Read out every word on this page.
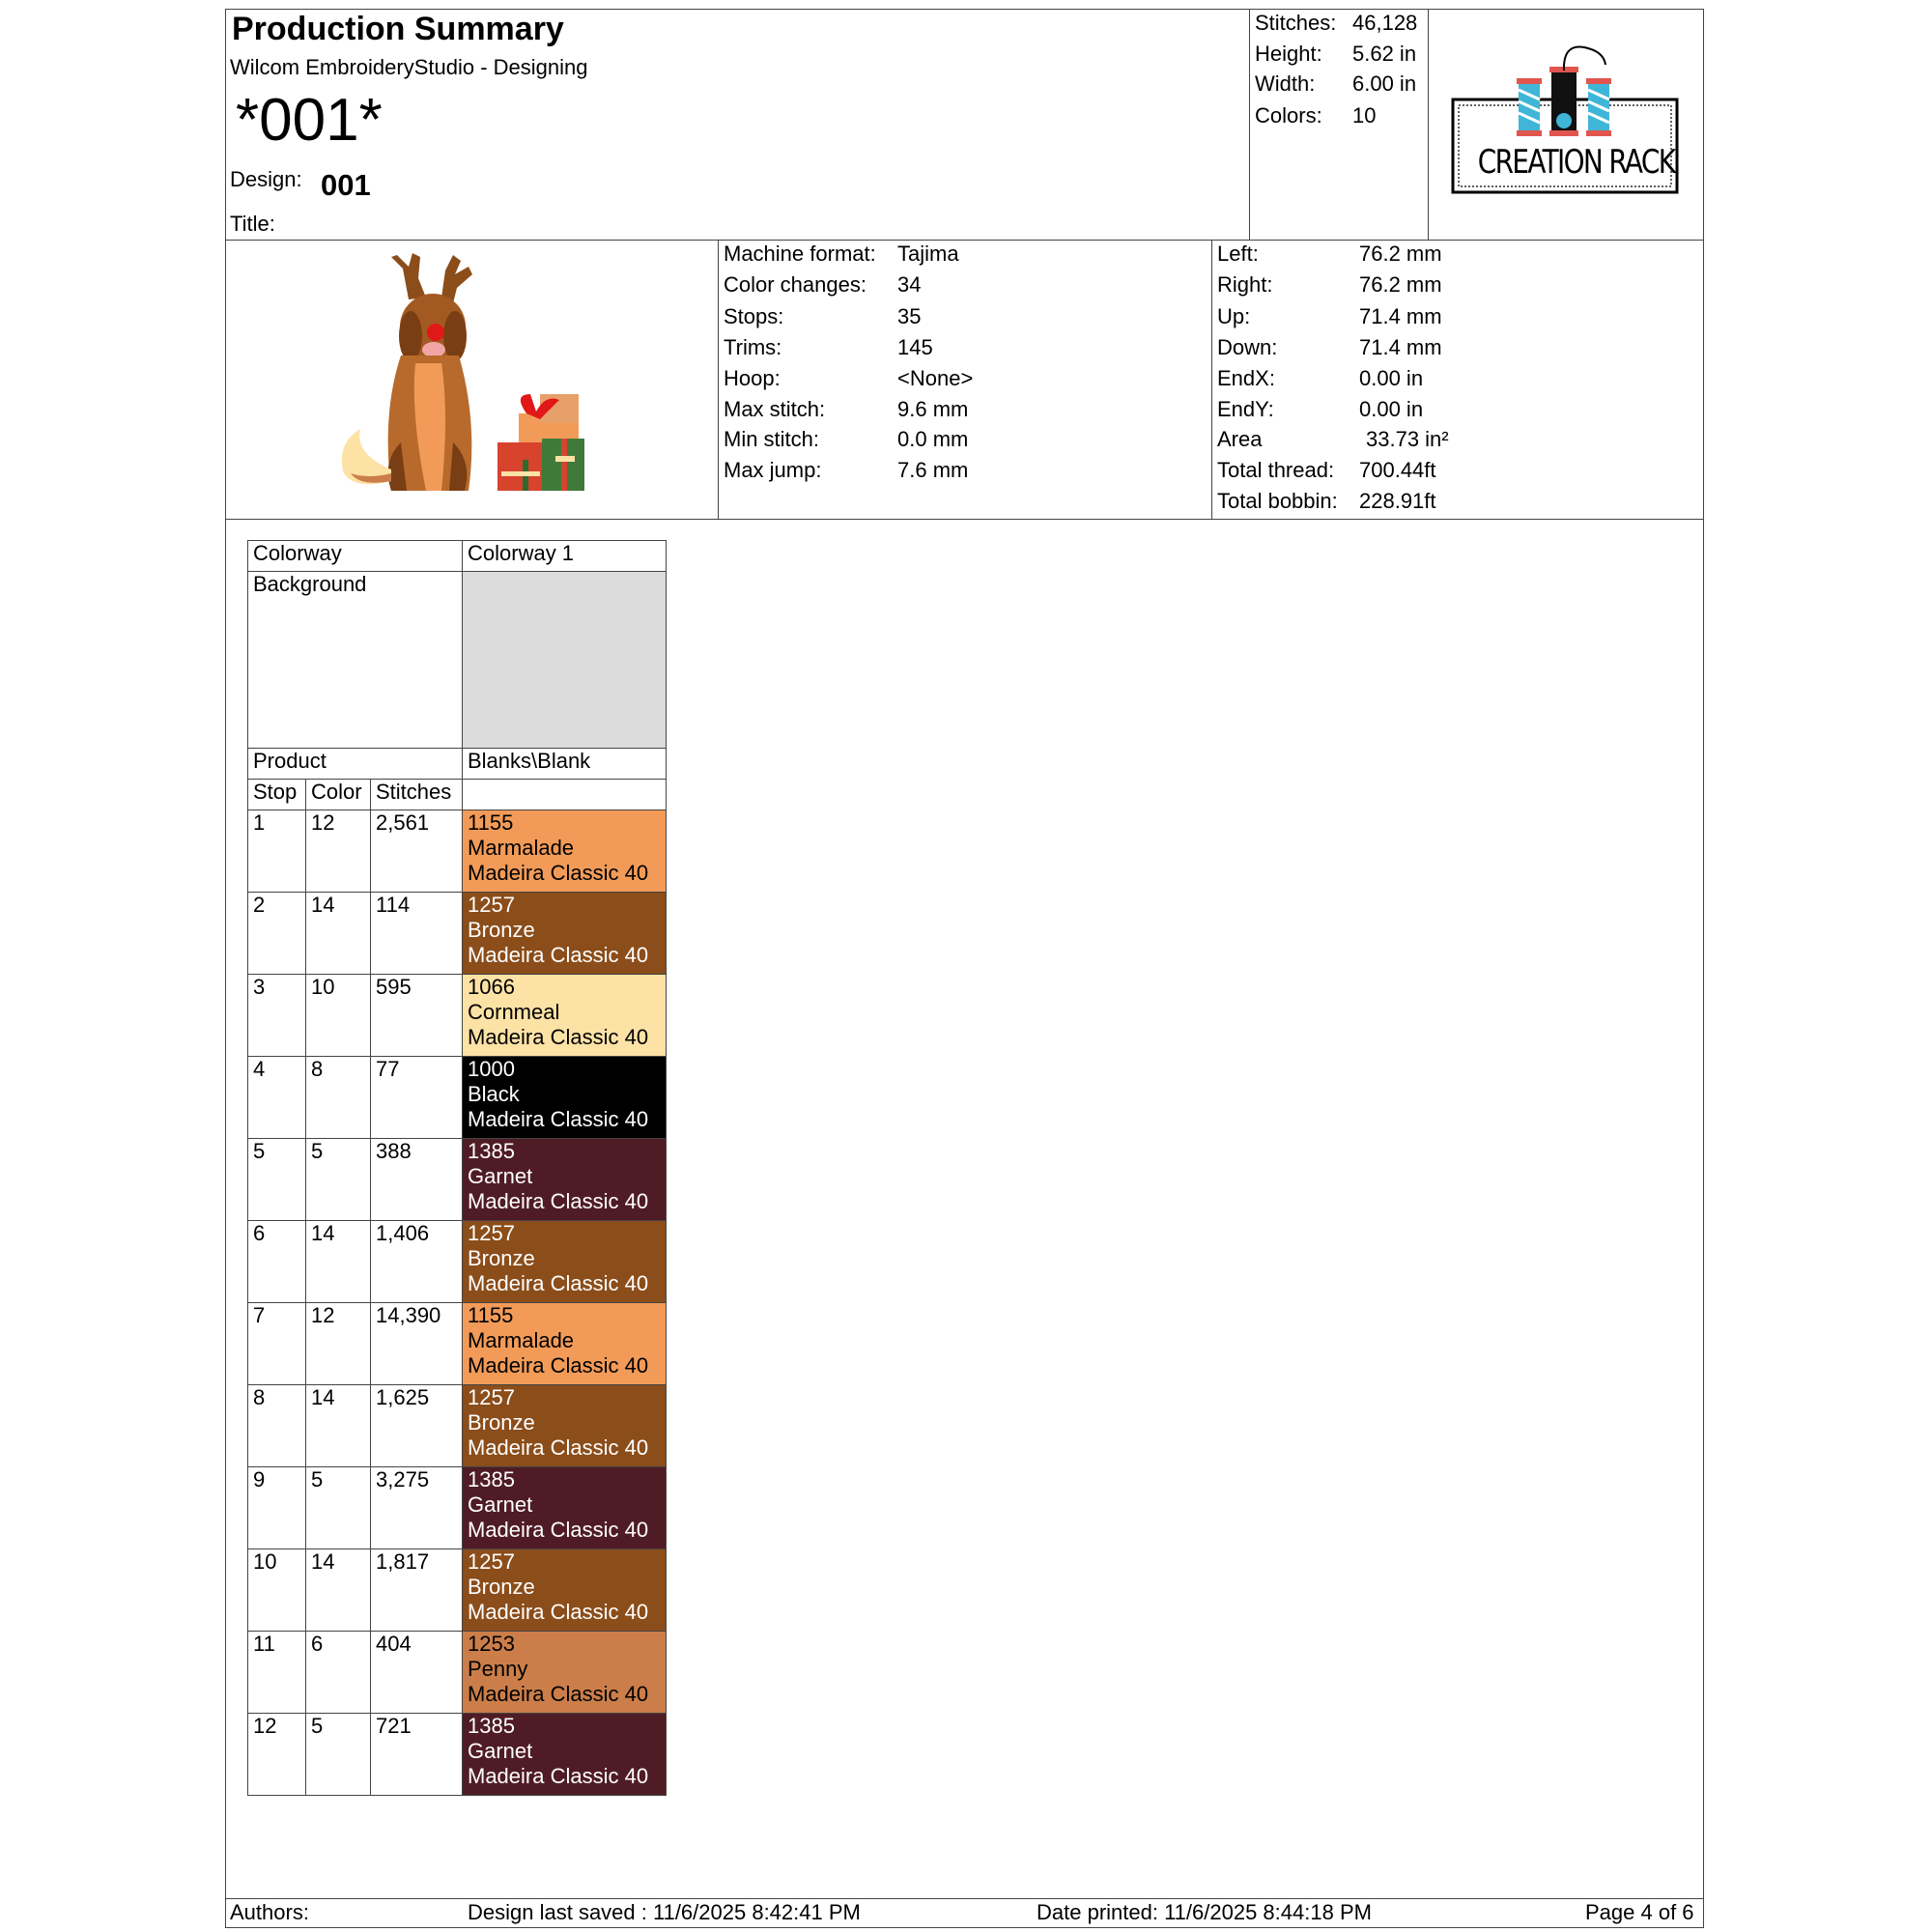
Production Summary
Wilcom EmbroideryStudio - Designing
*001*
Design: 001
Title:
Stitches: 46,128
Height: 5.62 in
Width: 6.00 in
Colors: 10
CREATION RACK
Machine format: Tajima
Color changes: 34
Stops:	35
Trims:	145
Hoop:	<None>
Max stitch:	9.6 mm
Min stitch:	0.0 mm
Max jump:	7.6 mm
Left:	76.2 mm
Right:	76.2 mm
Up:	71.4 mm
Down:	71.4 mm
EndX:	0.00 in
EndY:	0.00 in
Area	33.73 in²
Total thread: 700.44ft
Total bobbin: 228.91ft
Colorway			Colorway 1
Background			
Product			Blanks\Blank
Stop	Color	Stitches	
1	12	2,561	1155
Marmalade
Madeira Classic 40

2	14	114	1257
Bronze
Madeira Classic 40

3	10	595	1066
Cornmeal
Madeira Classic 40

4	8	77	1000
Black
Madeira Classic 40

5	5	388	1385
Garnet
Madeira Classic 40

6	14	1,406	1257
Bronze
Madeira Classic 40

7	12	14,390	1155
Marmalade
Madeira Classic 40

8	14	1,625	1257
Bronze
Madeira Classic 40

9	5	3,275	1385
Garnet
Madeira Classic 40

10	14	1,817	1257
Bronze
Madeira Classic 40

11	6	404	1253
Penny
Madeira Classic 40

12	5	721	1385
Garnet
Madeira Classic 40
Authors:	Design last saved : 11/6/2025 8:42:41 PM	Date printed: 11/6/2025 8:44:18 PM	Page 4 of 6
